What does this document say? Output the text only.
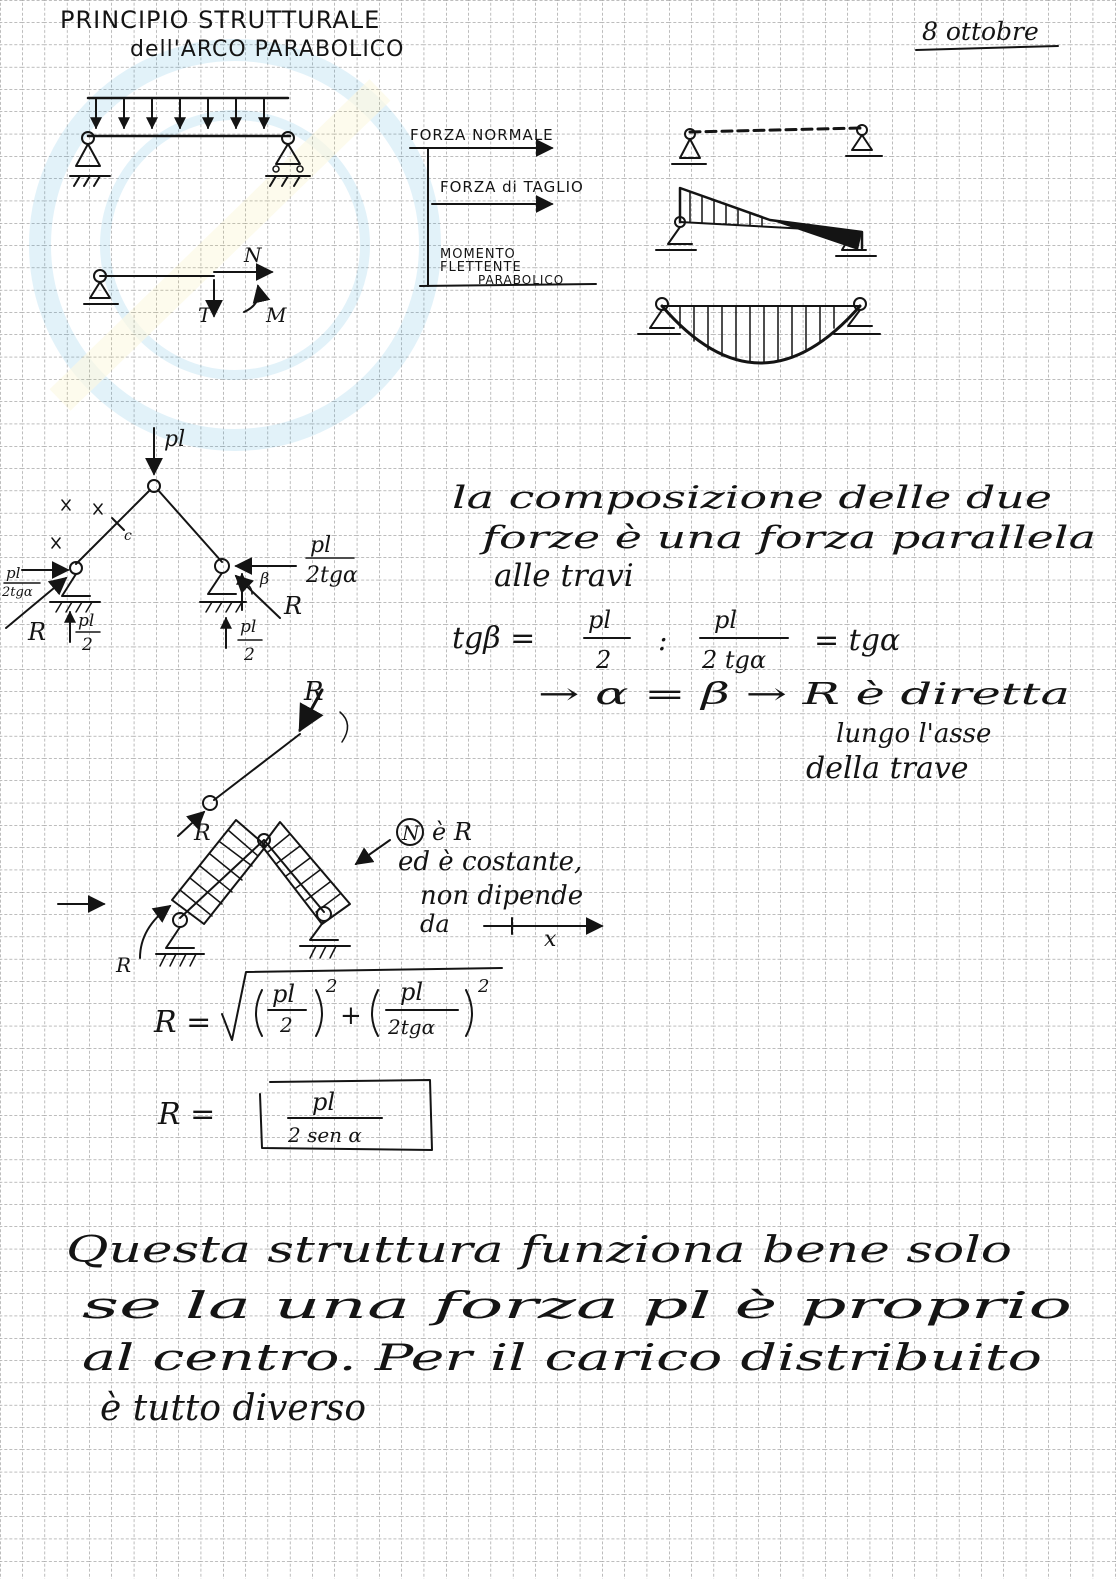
PRINCIPIO STRUTTURALE
dell'ARCO PARABOLICO
8 ottobre
N
T	M
FORZA NORMALE
FORZA di TAGLIO
MOMENTO
FLETTENTE
PARABOLICO
pl
c
pl
2tgα
R pl
2
pl
2tgα
β
R
pl
2
la composizione delle due
forze è una forza parallela
alle travi
tgβ =
pl
2
:
pl
2 tgα
= tgα
→ α = β → R è diretta
lungo l'asse
della trave
R
R
R
N è R
ed è costante,
non dipende
da
x
R =
pl
2
2
+
pl
2tgα
2
R =	pl
2 sen α
Questa struttura funziona bene solo
se la una forza pl è proprio
al centro. Per il carico distribuito
è tutto diverso
